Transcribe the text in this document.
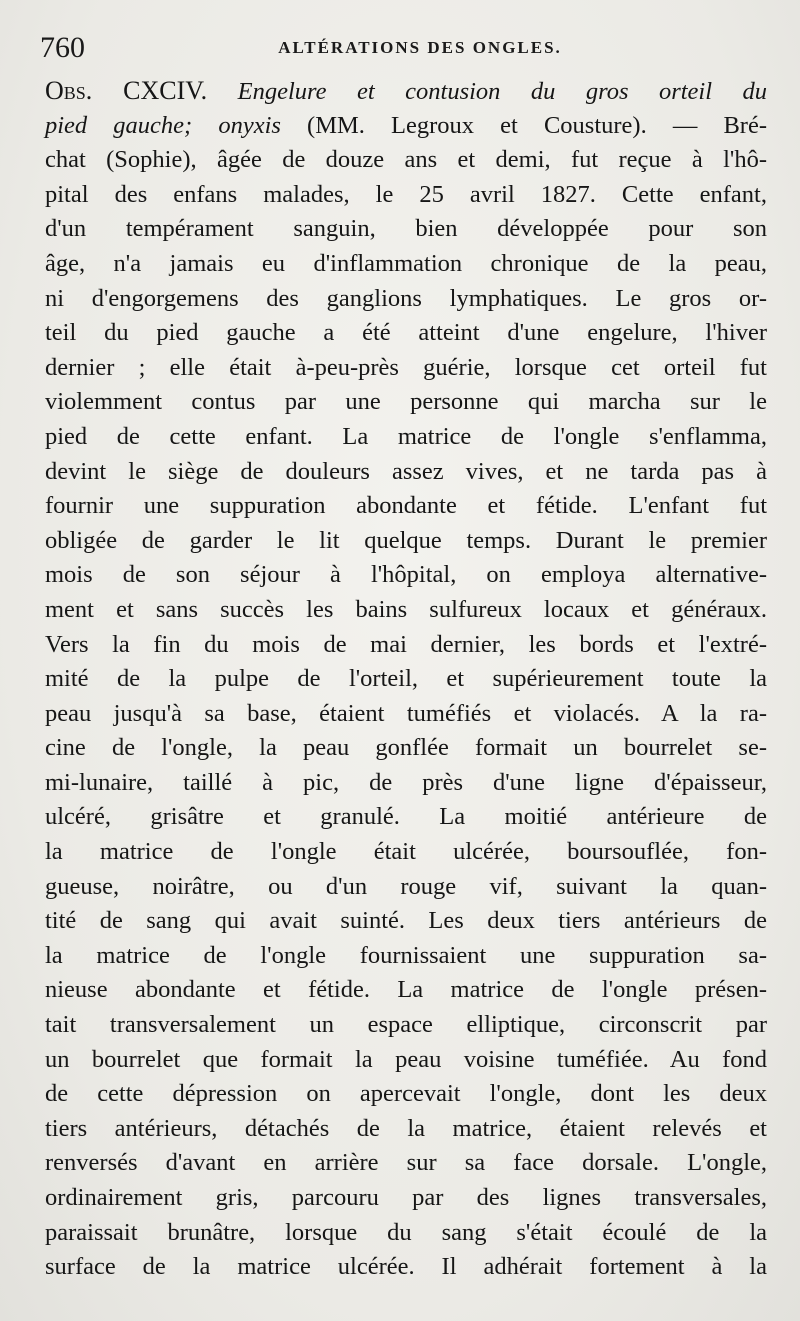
760	ALTÉRATIONS DES ONGLES.
Obs. CXCIV. Engelure et contusion du gros orteil du
pied gauche; onyxis (MM. Legroux et Cousture). — Bré-
chat (Sophie), âgée de douze ans et demi, fut reçue à l'hô-
pital des enfans malades, le 25 avril 1827. Cette enfant,
d'un tempérament sanguin, bien développée pour son
âge, n'a jamais eu d'inflammation chronique de la peau,
ni d'engorgemens des ganglions lymphatiques. Le gros or-
teil du pied gauche a été atteint d'une engelure, l'hiver
dernier ; elle était à-peu-près guérie, lorsque cet orteil fut
violemment contus par une personne qui marcha sur le
pied de cette enfant. La matrice de l'ongle s'enflamma,
devint le siège de douleurs assez vives, et ne tarda pas à
fournir une suppuration abondante et fétide. L'enfant fut
obligée de garder le lit quelque temps. Durant le premier
mois de son séjour à l'hôpital, on employa alternative-
ment et sans succès les bains sulfureux locaux et généraux.
Vers la fin du mois de mai dernier, les bords et l'extré-
mité de la pulpe de l'orteil, et supérieurement toute la
peau jusqu'à sa base, étaient tuméfiés et violacés. A la ra-
cine de l'ongle, la peau gonflée formait un bourrelet se-
mi-lunaire, taillé à pic, de près d'une ligne d'épaisseur,
ulcéré, grisâtre et granulé. La moitié antérieure de
la matrice de l'ongle était ulcérée, boursouflée, fon-
gueuse, noirâtre, ou d'un rouge vif, suivant la quan-
tité de sang qui avait suinté. Les deux tiers antérieurs de
la matrice de l'ongle fournissaient une suppuration sa-
nieuse abondante et fétide. La matrice de l'ongle présen-
tait transversalement un espace elliptique, circonscrit par
un bourrelet que formait la peau voisine tuméfiée. Au fond
de cette dépression on apercevait l'ongle, dont les deux
tiers antérieurs, détachés de la matrice, étaient relevés et
renversés d'avant en arrière sur sa face dorsale. L'ongle,
ordinairement gris, parcouru par des lignes transversales,
paraissait brunâtre, lorsque du sang s'était écoulé de la
surface de la matrice ulcérée. Il adhérait fortement à la
